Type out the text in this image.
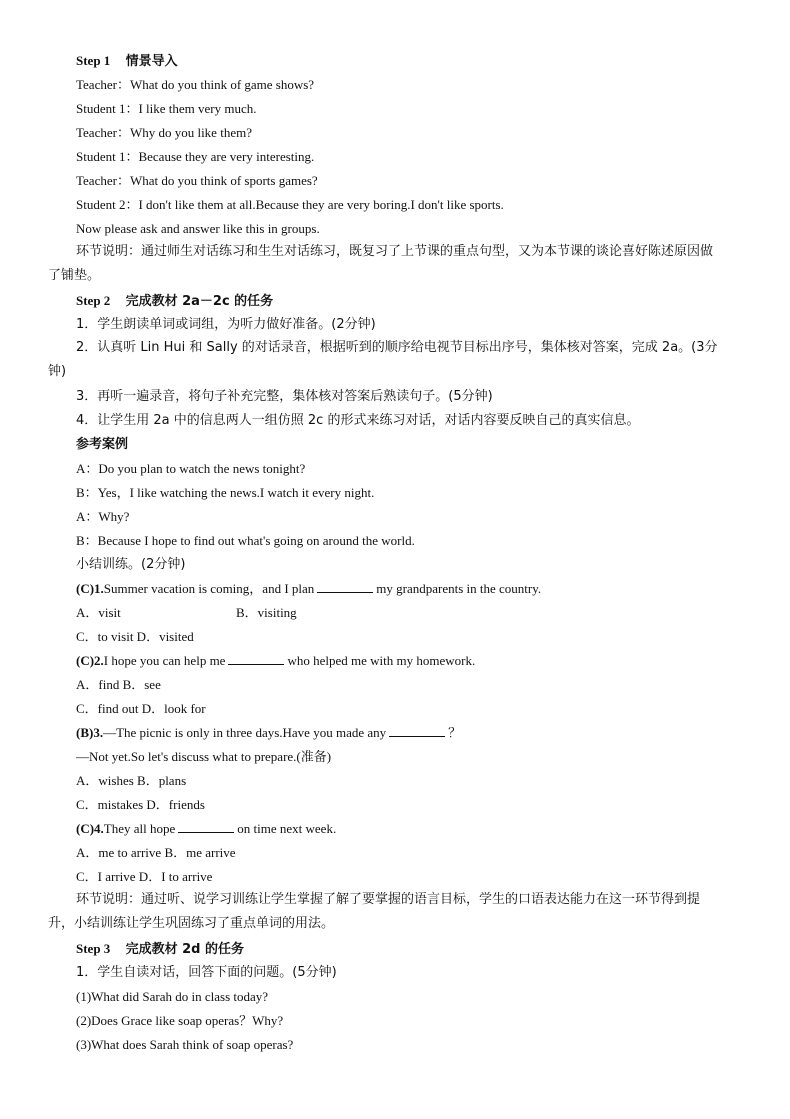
Step 1 情景导入
Teacher：What do you think of game shows?
Student 1：I like them very much.
Teacher：Why do you like them?
Student 1：Because they are very interesting.
Teacher：What do you think of sports games?
Student 2：I don't like them at all.Because they are very boring.I don't like sports.
Now please ask and answer like this in groups.
环节说明：通过师生对话练习和生生对话练习，既复习了上节课的重点句型，又为本节课的谈论喜好陈述原因做了铺垫。
Step 2 完成教材 2a－2c 的任务
1．学生朗读单词或词组，为听力做好准备。(2分钟)
2．认真听 Lin Hui 和 Sally 的对话录音，根据听到的顺序给电视节目标出序号，集体核对答案，完成 2a。(3分钟)
3．再听一遍录音，将句子补充完整，集体核对答案后熟读句子。(5分钟)
4．让学生用 2a 中的信息两人一组仿照 2c 的形式来练习对话，对话内容要反映自己的真实信息。
参考案例
A：Do you plan to watch the news tonight?
B：Yes，I like watching the news.I watch it every night.
A：Why?
B：Because I hope to find out what's going on around the world.
小结训练。(2分钟)
(C)1.Summer vacation is coming，and I plan	my grandparents in the country.
A．visit	B．visiting
C．to visit D．visited
(C)2.I hope you can help me	who helped me with my homework.
A．find B．see
C．find out D．look for
(B)3.—The picnic is only in three days.Have you made any	？
—Not yet.So let's discuss what to prepare.(准备)
A．wishes B．plans
C．mistakes D．friends
(C)4.They all hope	on time next week.
A．me to arrive B．me arrive
C．I arrive D．I to arrive
环节说明：通过听、说学习训练让学生掌握了解了要掌握的语言目标，学生的口语表达能力在这一环节得到提升，小结训练让学生巩固练习了重点单词的用法。
Step 3 完成教材 2d 的任务
1．学生自读对话，回答下面的问题。(5分钟)
(1)What did Sarah do in class today?
(2)Does Grace like soap operas？Why?
(3)What does Sarah think of soap operas?
